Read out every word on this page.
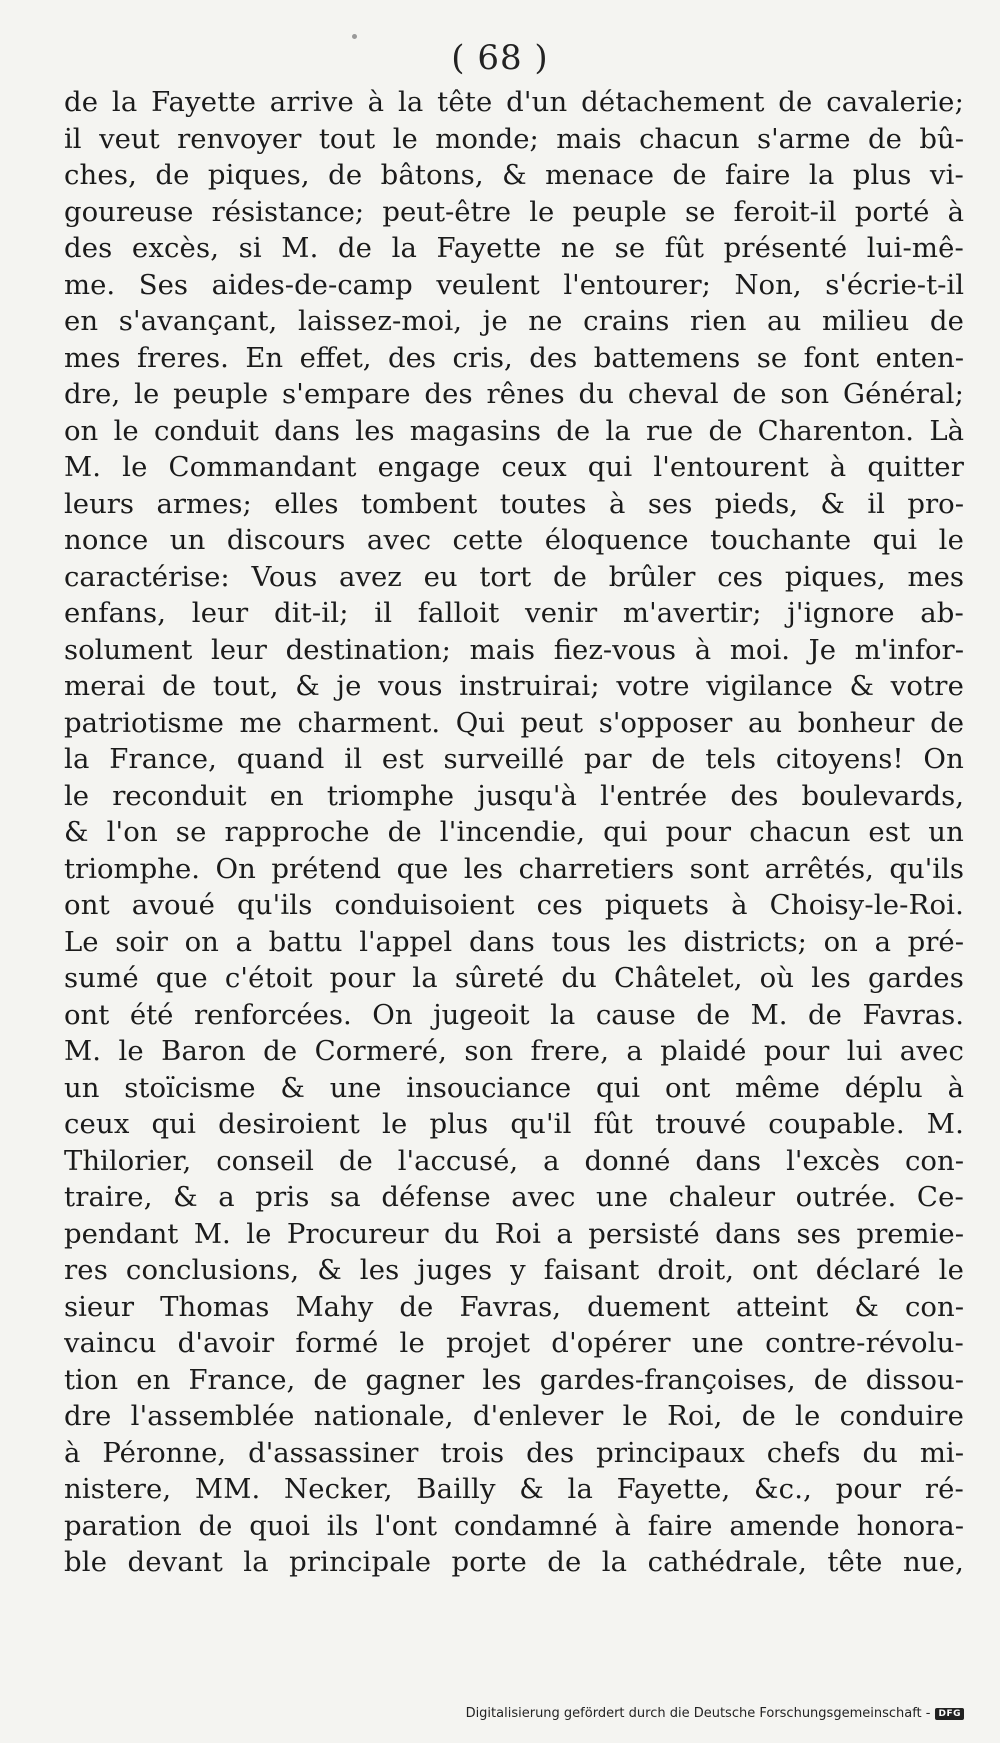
( 68 )
de la Fayette arrive à la tête d'un détachement de cavalerie;
il veut renvoyer tout le monde; mais chacun s'arme de bû-
ches, de piques, de bâtons, & menace de faire la plus vi-
goureuse résistance; peut-être le peuple se feroit-il porté à
des excès, si M. de la Fayette ne se fût présenté lui-mê-
me. Ses aides-de-camp veulent l'entourer; Non, s'écrie-t-il
en s'avançant, laissez-moi, je ne crains rien au milieu de
mes freres. En effet, des cris, des battemens se font enten-
dre, le peuple s'empare des rênes du cheval de son Général;
on le conduit dans les magasins de la rue de Charenton. Là
M. le Commandant engage ceux qui l'entourent à quitter
leurs armes; elles tombent toutes à ses pieds, & il pro-
nonce un discours avec cette éloquence touchante qui le
caractérise: Vous avez eu tort de brûler ces piques, mes
enfans, leur dit-il; il falloit venir m'avertir; j'ignore ab-
solument leur destination; mais fiez-vous à moi. Je m'infor-
merai de tout, & je vous instruirai; votre vigilance & votre
patriotisme me charment. Qui peut s'opposer au bonheur de
la France, quand il est surveillé par de tels citoyens! On
le reconduit en triomphe jusqu'à l'entrée des boulevards,
& l'on se rapproche de l'incendie, qui pour chacun est un
triomphe. On prétend que les charretiers sont arrêtés, qu'ils
ont avoué qu'ils conduisoient ces piquets à Choisy-le-Roi.
Le soir on a battu l'appel dans tous les districts; on a pré-
sumé que c'étoit pour la sûreté du Châtelet, où les gardes
ont été renforcées. On jugeoit la cause de M. de Favras.
M. le Baron de Cormeré, son frere, a plaidé pour lui avec
un stoïcisme & une insouciance qui ont même déplu à
ceux qui desiroient le plus qu'il fût trouvé coupable. M.
Thilorier, conseil de l'accusé, a donné dans l'excès con-
traire, & a pris sa défense avec une chaleur outrée. Ce-
pendant M. le Procureur du Roi a persisté dans ses premie-
res conclusions, & les juges y faisant droit, ont déclaré le
sieur Thomas Mahy de Favras, duement atteint & con-
vaincu d'avoir formé le projet d'opérer une contre-révolu-
tion en France, de gagner les gardes-françoises, de dissou-
dre l'assemblée nationale, d'enlever le Roi, de le conduire
à Péronne, d'assassiner trois des principaux chefs du mi-
nistere, MM. Necker, Bailly & la Fayette, &c., pour ré-
paration de quoi ils l'ont condamné à faire amende honora-
ble devant la principale porte de la cathédrale, tête nue,
Digitalisierung gefördert durch die Deutsche Forschungsgemeinschaft - DFG
